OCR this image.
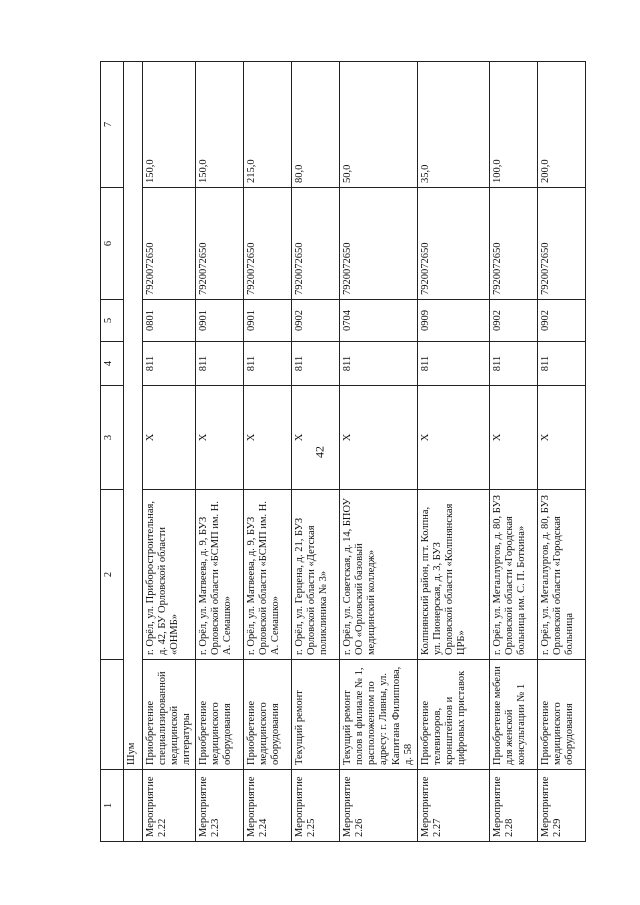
42
1		2	3	4	5	6	7
	Шум						
Мероприятие 2.22	Приобретение специализированной медицинской литературы	г. Орёл, ул. Приборостроительная, д. 42, БУ Орловской области «ОНМБ»	Х	811	0801	7920072650	150,0
Мероприятие 2.23	Приобретение медицинского оборудования	г. Орёл, ул. Матвеева, д. 9, БУЗ Орловской области «БСМП им. Н. А. Семашко»	Х	811	0901	7920072650	150,0
Мероприятие 2.24	Приобретение медицинского оборудования	г. Орёл, ул. Матвеева, д. 9, БУЗ Орловской области «БСМП им. Н. А. Семашко»	Х	811	0901	7920072650	215,0
Мероприятие 2.25	Текущий ремонт	г. Орёл, ул. Герцена, д. 21, БУЗ Орловской области «Детская поликлиника № 3»	Х	811	0902	7920072650	80,0
Мероприятие 2.26	Текущий ремонт полов в филиале № 1, расположенном по адресу: г. Ливны, ул. Капитана Филиппова, д. 58	г. Орёл, ул. Советская, д. 14, БПОУ ОО «Орловский базовый медицинский колледж»	Х	811	0704	7920072650	50,0
Мероприятие 2.27	Приобретение телевизоров, кронштейнов и цифровых приставок	Колпнянский район, пгт. Колпна, ул. Пионерская, д. 3, БУЗ Орловской области «Колпнянская ЦРБ»	Х	811	0909	7920072650	35,0
Мероприятие 2.28	Приобретение мебели для женской консультации № 1	г. Орёл, ул. Металлургов, д. 80, БУЗ Орловской области «Городская больница им. С. П. Боткина»	Х	811	0902	7920072650	100,0
Мероприятие 2.29	Приобретение медицинского оборудования	г. Орёл, ул. Металлургов, д. 80, БУЗ Орловской области «Городская больница	Х	811	0902	7920072650	200,0
